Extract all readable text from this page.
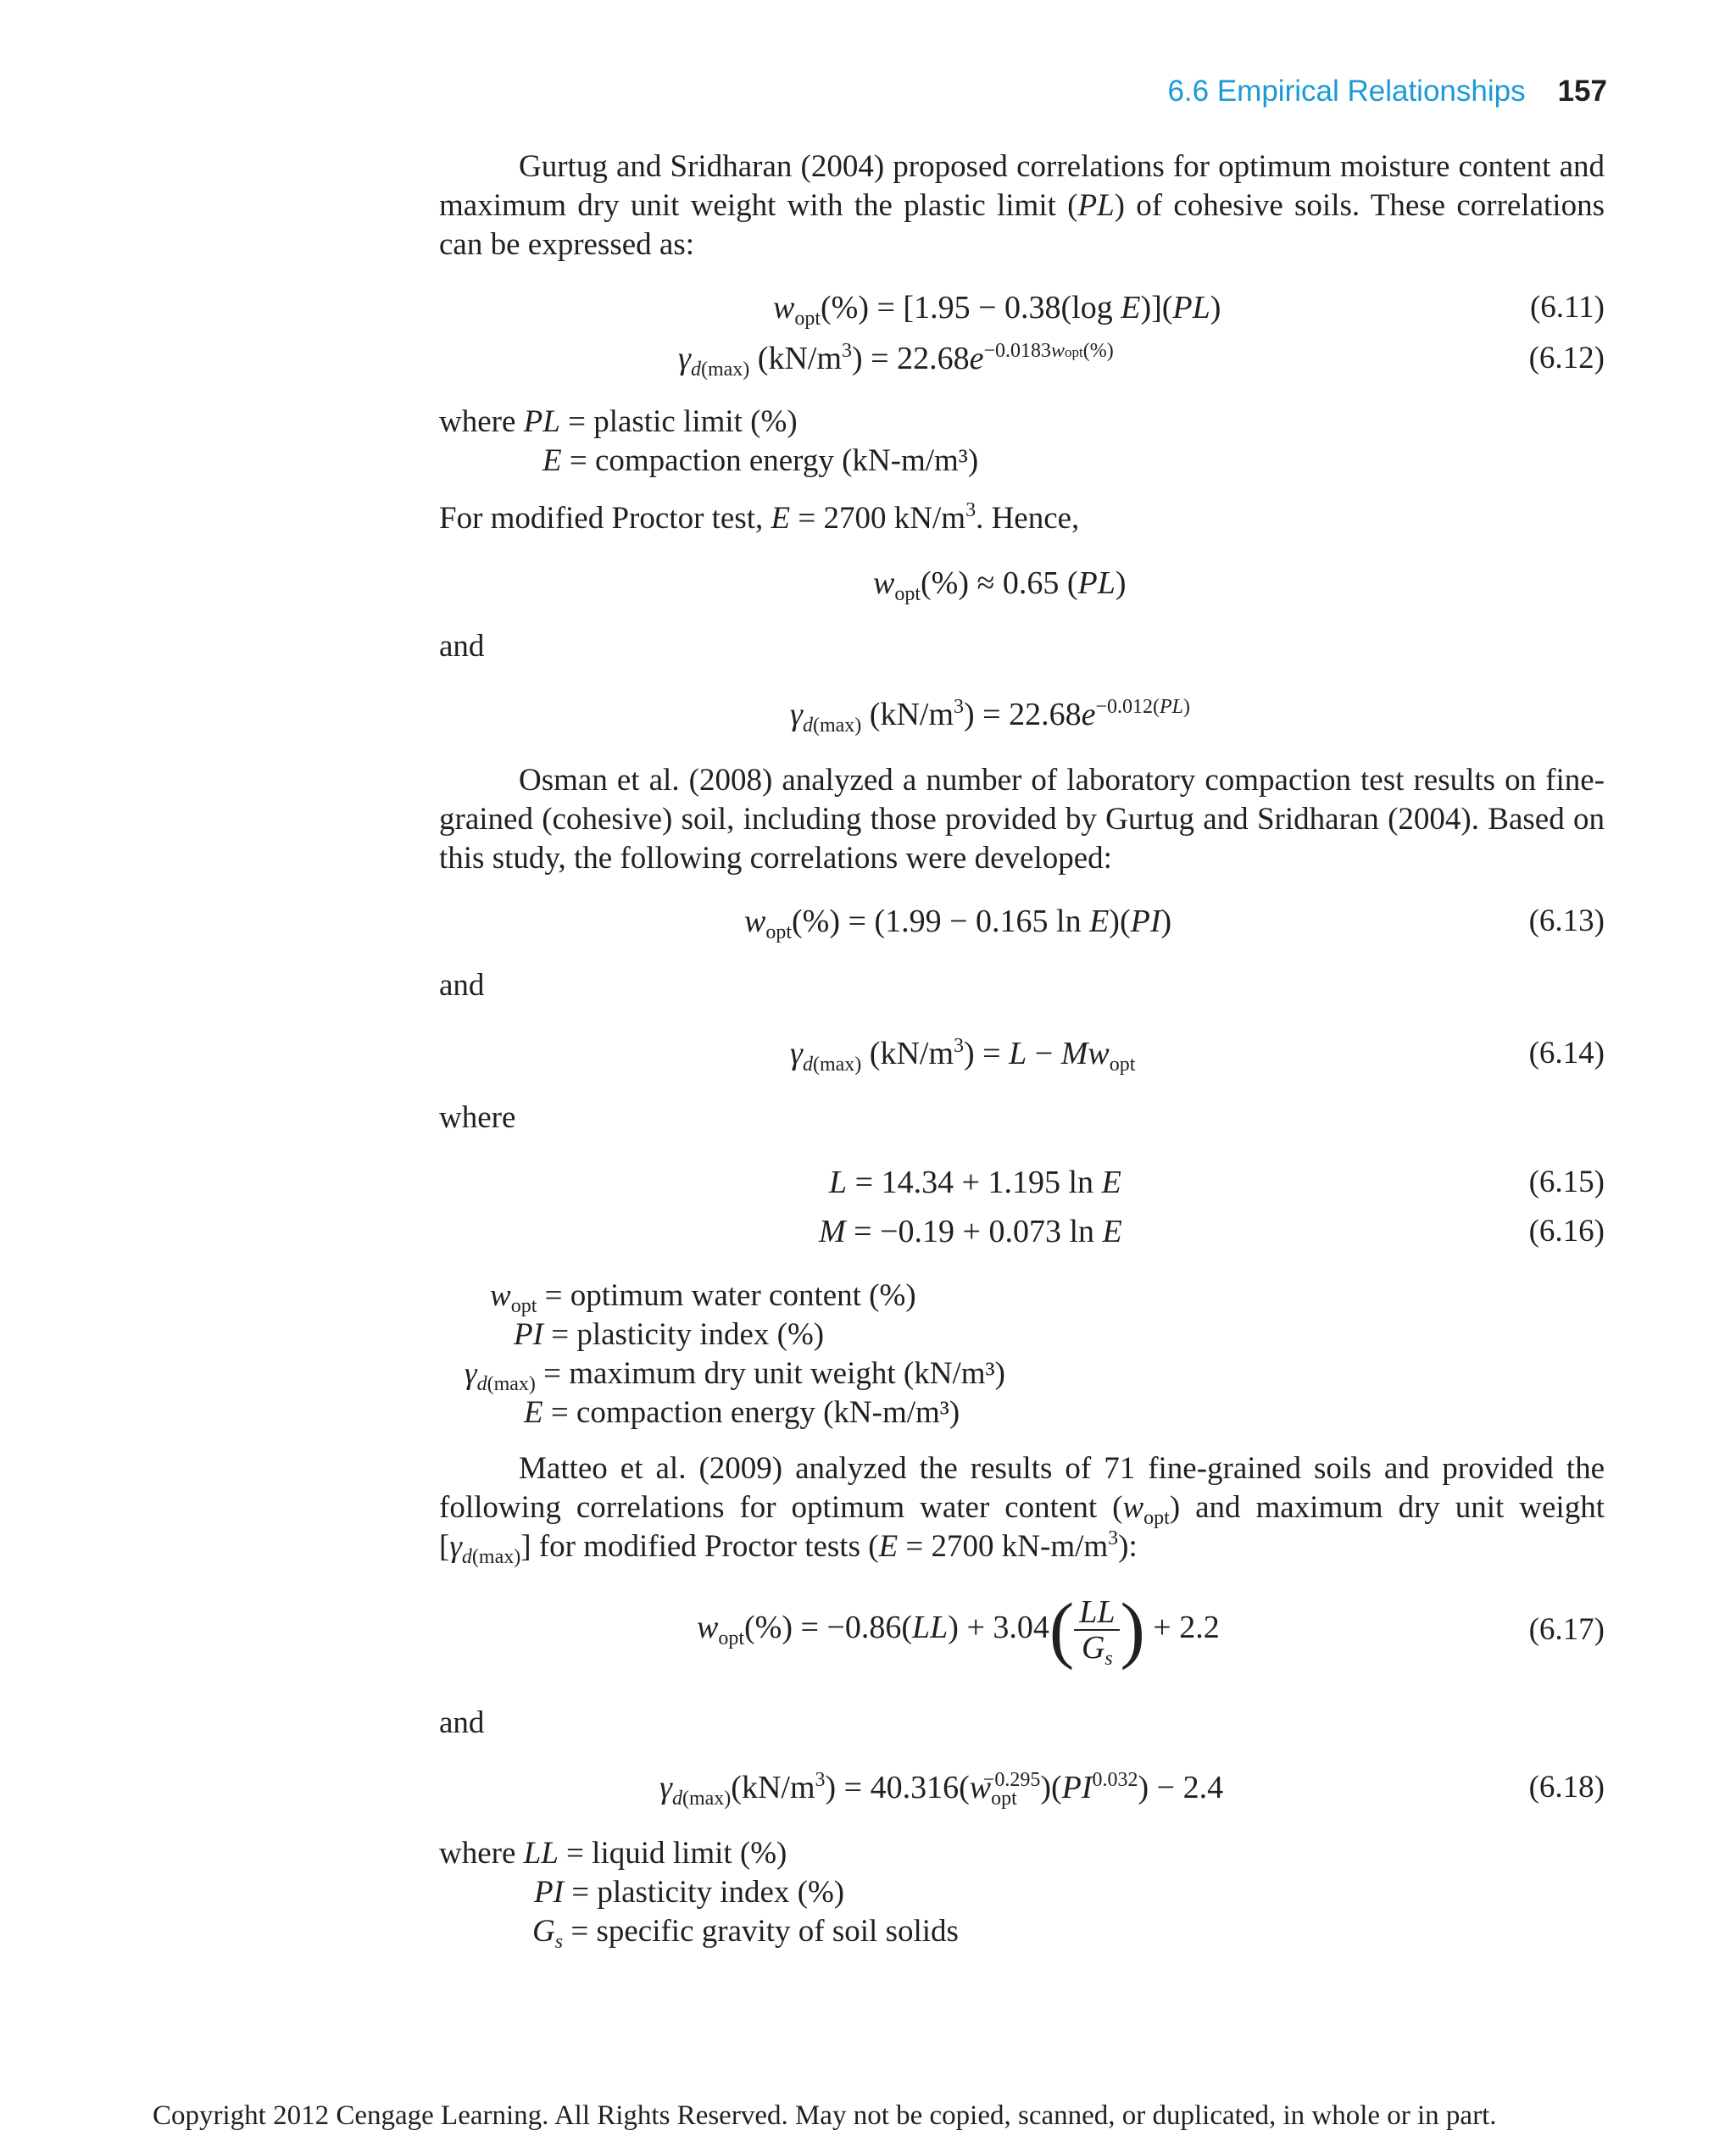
6.6 Empirical Relationships 157

Gurtug and Sridharan (2004) proposed correlations for optimum moisture content and maximum dry unit weight with the plastic limit (PL) of cohesive soils. These correlations can be expressed as:

$w_{opt}(\%) = [1.95 - 0.38(\log$ E)](PL)	(6.11)
$\gamma_{d(max)}$ $(kN/m^3) = 22.68e^{-0.0183wopt(\%)}$	(6.12)
where PL = plastic limit (%)
E = compaction energy (kN-m/m³)
For modified Proctor test, E = 2700 $kN/m^3$. Hence,
$w_{opt}(\%) \approx 0.65$ (PL)
and
$\gamma_{d(max)}$ $(kN/m^3) = 22.68e^{-0.012(PL)}$

Osman et al. (2008) analyzed a number of laboratory compaction test results on fine-grained (cohesive) soil, including those provided by Gurtug and Sridharan (2004). Based on this study, the following correlations were developed:

$w_{opt}(\%) = (1.99 - 0.165$ ln E)(PI)	(6.13)
and
$\gamma_{d(max)}$ $(kN/m^3) = L - Mw_{opt}$	(6.14)
where
L = 14.34 + 1.195 ln E	(6.15)
M = −0.19 + 0.073 ln E	(6.16)
$w_{opt}$ = optimum water content (%)
PI = plasticity index (%)
$\gamma_{d(max)}$ = maximum dry unit weight (kN/m³)
E = compaction energy (kN-m/m³)

Matteo et al. (2009) analyzed the results of 71 fine-grained soils and provided the following correlations for optimum water content $(w_{opt})$ and maximum dry unit weight $[\gamma_{d(max)}]$ for modified Proctor tests (E = 2700 $kN-m/m^3$):

$w_{opt}(\%) = -0.86(LL) + 3.04( \frac{LL}{G_s}$ ) + 2.2	(6.17)
and
$\gamma_{d(max)}(kN/m^3) = 40.316(w_{opt}^{-0.295})(PI^{0.032}) - 2.4$	(6.18)
where LL = liquid limit (%)
PI = plasticity index (%)
$G_s$ = specific gravity of soil solids
Copyright 2012 Cengage Learning. All Rights Reserved. May not be copied, scanned, or duplicated, in whole or in part.
